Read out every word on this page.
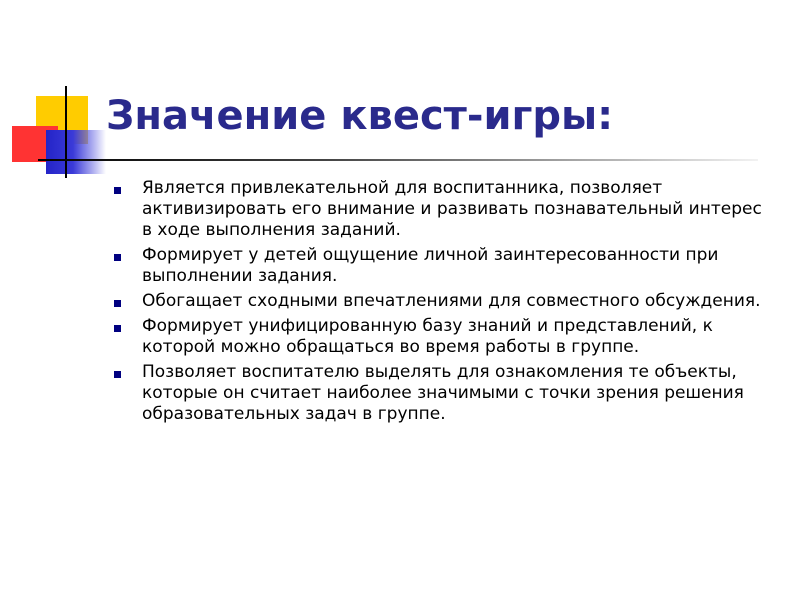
Значение квест-игры:
Является привлекательной для воспитанника, позволяет активизировать его внимание и развивать познавательный интерес в ходе выполнения заданий.
Формирует у детей ощущение личной заинтересованности при выполнении задания.
Обогащает сходными впечатлениями для совместного обсуждения.
Формирует унифицированную базу знаний и представлений, к которой можно обращаться во время работы в группе.
Позволяет воспитателю выделять для ознакомления те объекты, которые он считает наиболее значимыми с точки зрения решения образовательных задач в группе.
